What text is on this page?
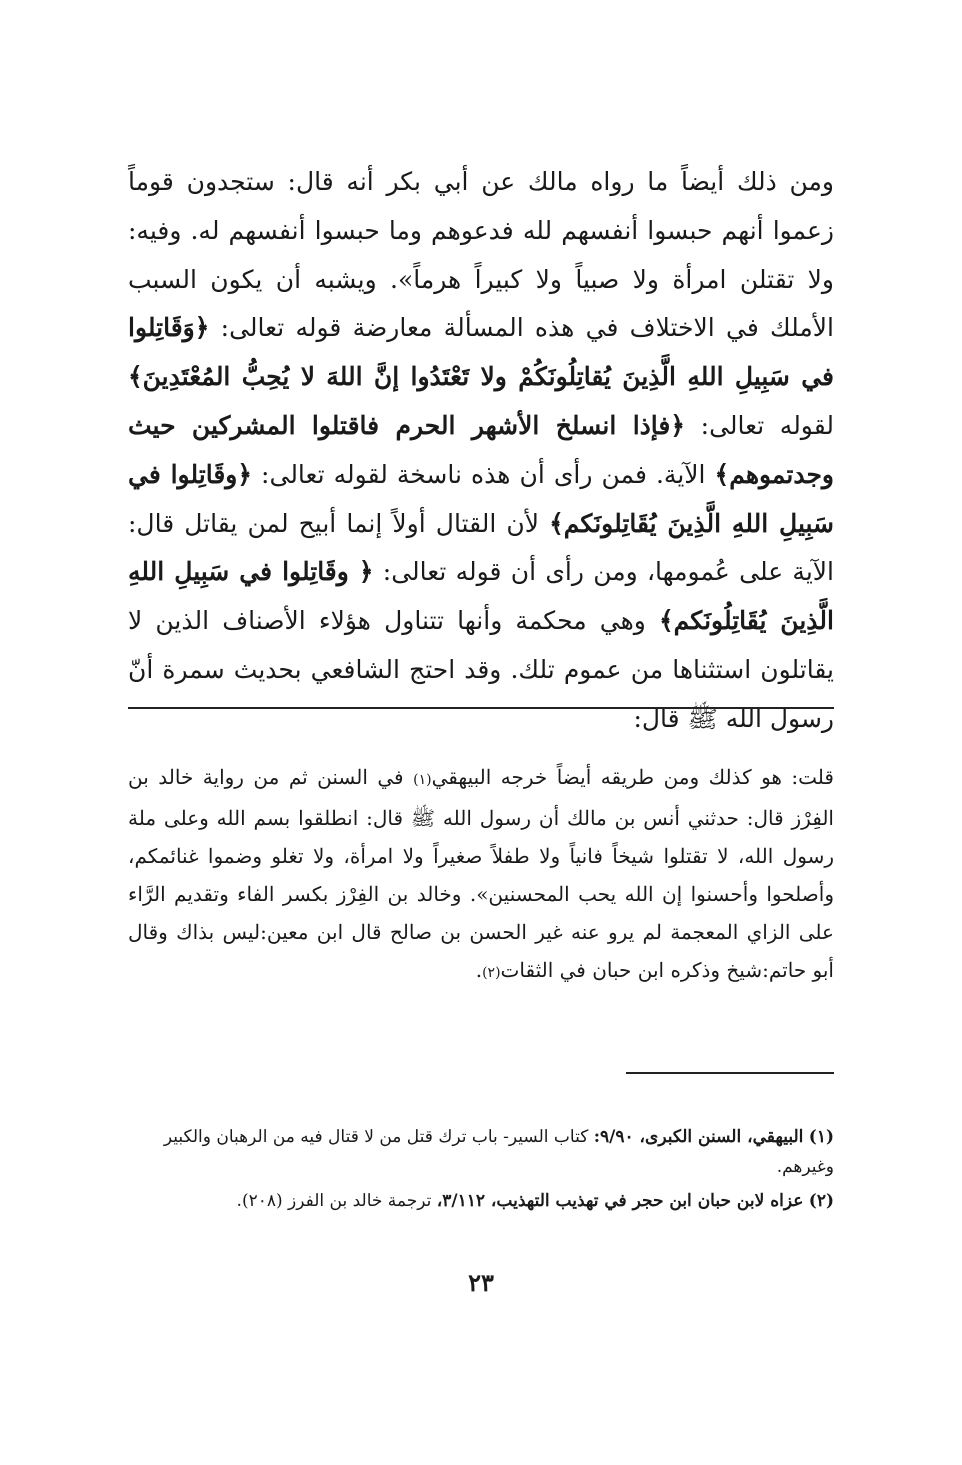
ومن ذلك أيضاً ما رواه مالك عن أبي بكر أنه قال: ستجدون قوماً زعموا أنهم حبسوا أنفسهم لله فدعوهم وما حبسوا أنفسهم له. وفيه: ولا تقتلن امرأة ولا صبياً ولا كبيراً هرماً». ويشبه أن يكون السبب الأملك في الاختلاف في هذه المسألة معارضة قوله تعالى: ﴿وَقَاتِلوا في سَبِيلِ اللهِ الَّذِينَ يُقاتِلُونَكُمْ ولا تَعْتَدُوا إنَّ اللهَ لا يُحِبُّ المُعْتَدِينَ﴾ لقوله تعالى: ﴿فإذا انسلخ الأشهر الحرم فاقتلوا المشركين حيث وجدتموهم﴾ الآية. فمن رأى أن هذه ناسخة لقوله تعالى: ﴿وقَاتِلوا في سَبِيلِ اللهِ الَّذِينَ يُقَاتِلونَكم﴾ لأن القتال أولاً إنما أبيح لمن يقاتل قال: الآية على عُمومها، ومن رأى أن قوله تعالى: ﴿ وقَاتِلوا في سَبِيلِ اللهِ الَّذِينَ يُقَاتِلُونَكم﴾ وهي محكمة وأنها تتناول هؤلاء الأصناف الذين لا يقاتلون استثناها من عموم تلك. وقد احتج الشافعي بحديث سمرة أنّ رسول الله ﷺ قال:

قلت: هو كذلك ومن طريقه أيضاً خرجه البيهقي(١) في السنن ثم من رواية خالد بن الفِرْز قال: حدثني أنس بن مالك أن رسول الله ﷺ قال: انطلقوا بسم الله وعلى ملة رسول الله، لا تقتلوا شيخاً فانياً ولا طفلاً صغيراً ولا امرأة، ولا تغلو وضموا غنائمكم، وأصلحوا وأحسنوا إن الله يحب المحسنين». وخالد بن الفِرْز بكسر الفاء وتقديم الرَّاء على الزاي المعجمة لم يرو عنه غير الحسن بن صالح قال ابن معين:ليس بذاك وقال أبو حاتم:شيخ وذكره ابن حبان في الثقات(٢).

(١) البيهقي، السنن الكبرى، ٩/٩٠: كتاب السير- باب ترك قتل من لا قتال فيه من الرهبان والكبير وغيرهم.

(٢) عزاه لابن حبان ابن حجر في تهذيب التهذيب، ٣/١١٢، ترجمة خالد بن الفرز (٢٠٨).

٢٣
